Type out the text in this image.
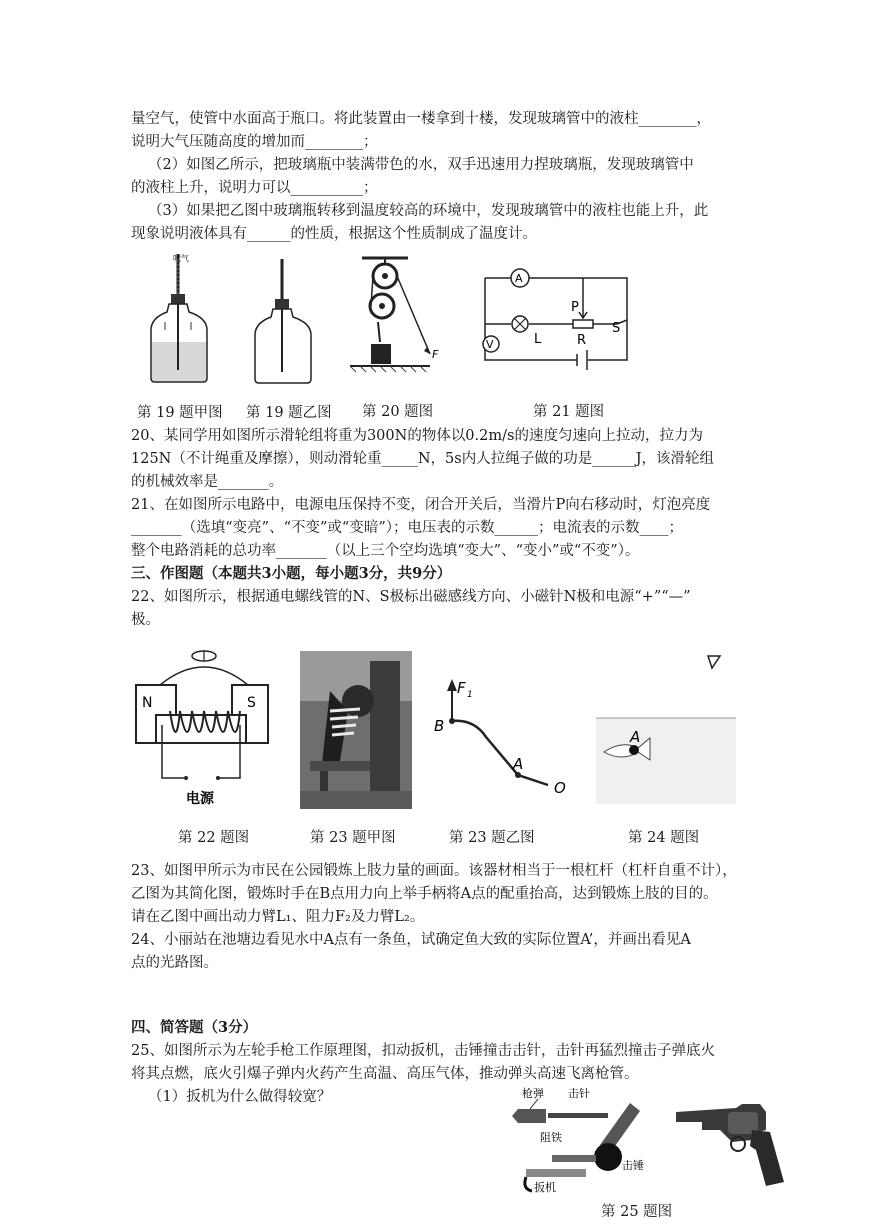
量空气，使管中水面高于瓶口。将此装置由一楼拿到十楼，发现玻璃管中的液柱________，
说明大气压随高度的增加而________；
（2）如图乙所示，把玻璃瓶中装满带色的水，双手迅速用力捏玻璃瓶，发现玻璃管中
的液柱上升，说明力可以__________；
（3）如果把乙图中玻璃瓶转移到温度较高的环境中，发现玻璃管中的液柱也能上升，此
现象说明液体具有______的性质，根据这个性质制成了温度计。
吹气
F
A
P
L	R
S
V
第 19 题甲图 第 19 题乙图 第 20 题图	第 21 题图
20、某同学用如图所示滑轮组将重为300N的物体以0.2m/s的速度匀速向上拉动，拉力为
125N（不计绳重及摩擦），则动滑轮重_____N，5s内人拉绳子做的功是______J，该滑轮组
的机械效率是_______。
21、在如图所示电路中，电源电压保持不变，闭合开关后，当滑片P向右移动时，灯泡亮度
_______（选填“变亮”、“不变”或“变暗”）；电压表的示数______；电流表的示数____；
整个电路消耗的总功率_______（以上三个空均选填“变大”、“变小”或“不变”）。
三、作图题（本题共3小题，每小题3分，共9分）
22、如图所示，根据通电螺线管的N、S极标出磁感线方向、小磁针N极和电源“+”“—”
极。
N	S
电源
F 1
B
A
O
A
第 22 题图	第 23 题甲图	第 23 题乙图	第 24 题图
23、如图甲所示为市民在公园锻炼上肢力量的画面。该器材相当于一根杠杆（杠杆自重不计），
乙图为其简化图，锻炼时手在B点用力向上举手柄将A点的配重抬高，达到锻炼上肢的目的。
请在乙图中画出动力臂L₁、阻力F₂及力臂L₂。
24、小丽站在池塘边看见水中A点有一条鱼，试确定鱼大致的实际位置A’，并画出看见A
点的光路图。
四、简答题（3分）
25、如图所示为左轮手枪工作原理图，扣动扳机，击锤撞击击针，击针再猛烈撞击子弹底火
将其点燃，底火引爆子弹内火药产生高温、高压气体，推动弹头高速飞离枪管。
（1）扳机为什么做得较宽？	枪弹 击针
阻铁
击锤
扳机
第 25 题图
